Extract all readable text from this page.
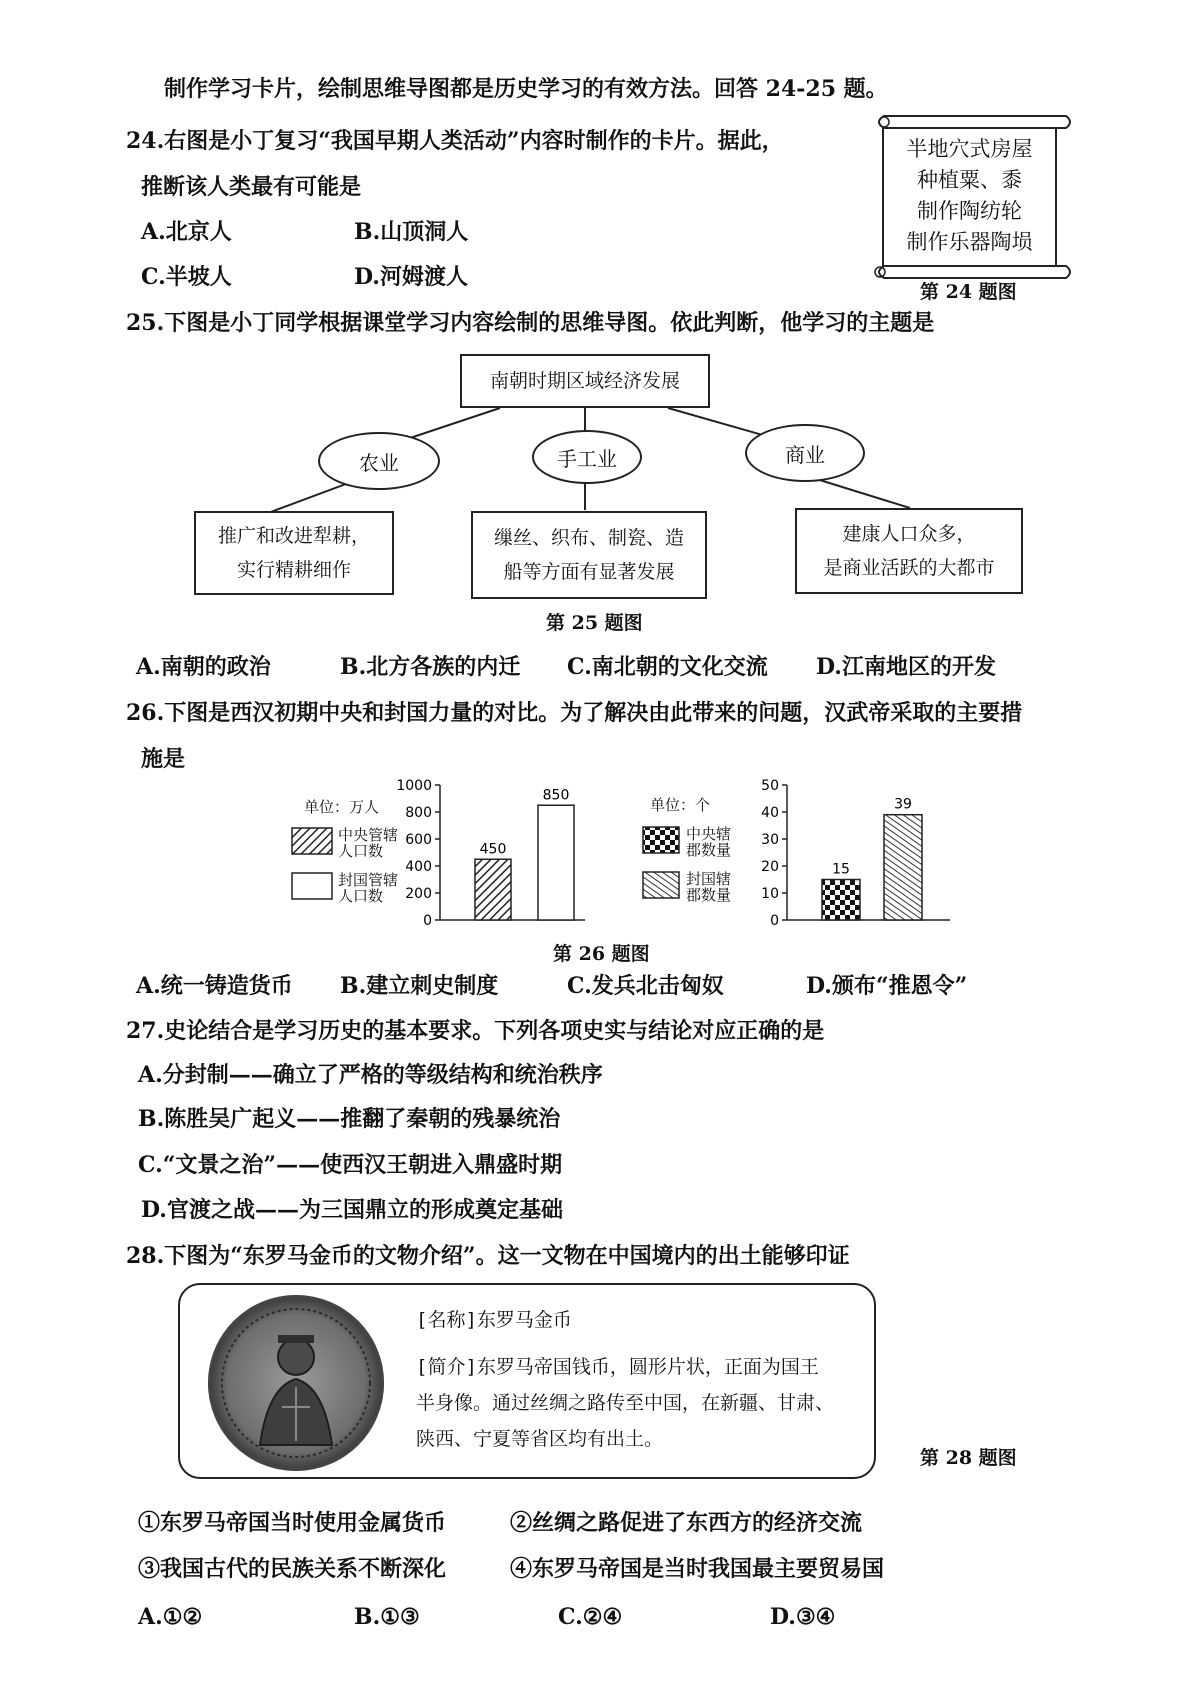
制作学习卡片，绘制思维导图都是历史学习的有效方法。回答 24-25 题。
24.右图是小丁复习“我国早期人类活动”内容时制作的卡片。据此，
推断该人类最有可能是
A.北京人	B.山顶洞人
C.半坡人	D.河姆渡人
半地穴式房屋
种植粟、黍
制作陶纺轮
制作乐器陶埙
第 24 题图
25.下图是小丁同学根据课堂学习内容绘制的思维导图。依此判断，他学习的主题是
南朝时期区域经济发展
农业	手工业	商业
推广和改进犁耕，
实行精耕细作
缫丝、织布、制瓷、造
船等方面有显著发展
建康人口众多，
是商业活跃的大都市
第 25 题图
A.南朝的政治	B.北方各族的内迁 C.南北朝的文化交流 D.江南地区的开发
26.下图是西汉初期中央和封国力量的对比。为了解决由此带来的问题，汉武帝采取的主要措
施是
0
200
400
600
800
1000
450
850
0
10
20
30
40
50
15
39
单位：万人
中央管辖
人口数
封国管辖
人口数
单位：个
中央辖
郡数量
封国辖
郡数量
第 26 题图
A.统一铸造货币 B.建立刺史制度	C.发兵北击匈奴	D.颁布“推恩令”
27.史论结合是学习历史的基本要求。下列各项史实与结论对应正确的是
A.分封制——确立了严格的等级结构和统治秩序
B.陈胜吴广起义——推翻了秦朝的残暴统治
C.“文景之治”——使西汉王朝进入鼎盛时期
D.官渡之战——为三国鼎立的形成奠定基础
28.下图为“东罗马金币的文物介绍”。这一文物在中国境内的出土能够印证
[名称]东罗马金币
[简介]东罗马帝国钱币，圆形片状，正面为国王
半身像。通过丝绸之路传至中国，在新疆、甘肃、
陕西、宁夏等省区均有出土。
第 28 题图
①东罗马帝国当时使用金属货币	②丝绸之路促进了东西方的经济交流
③我国古代的民族关系不断深化	④东罗马帝国是当时我国最主要贸易国
A.①②	B.①③	C.②④	D.③④
